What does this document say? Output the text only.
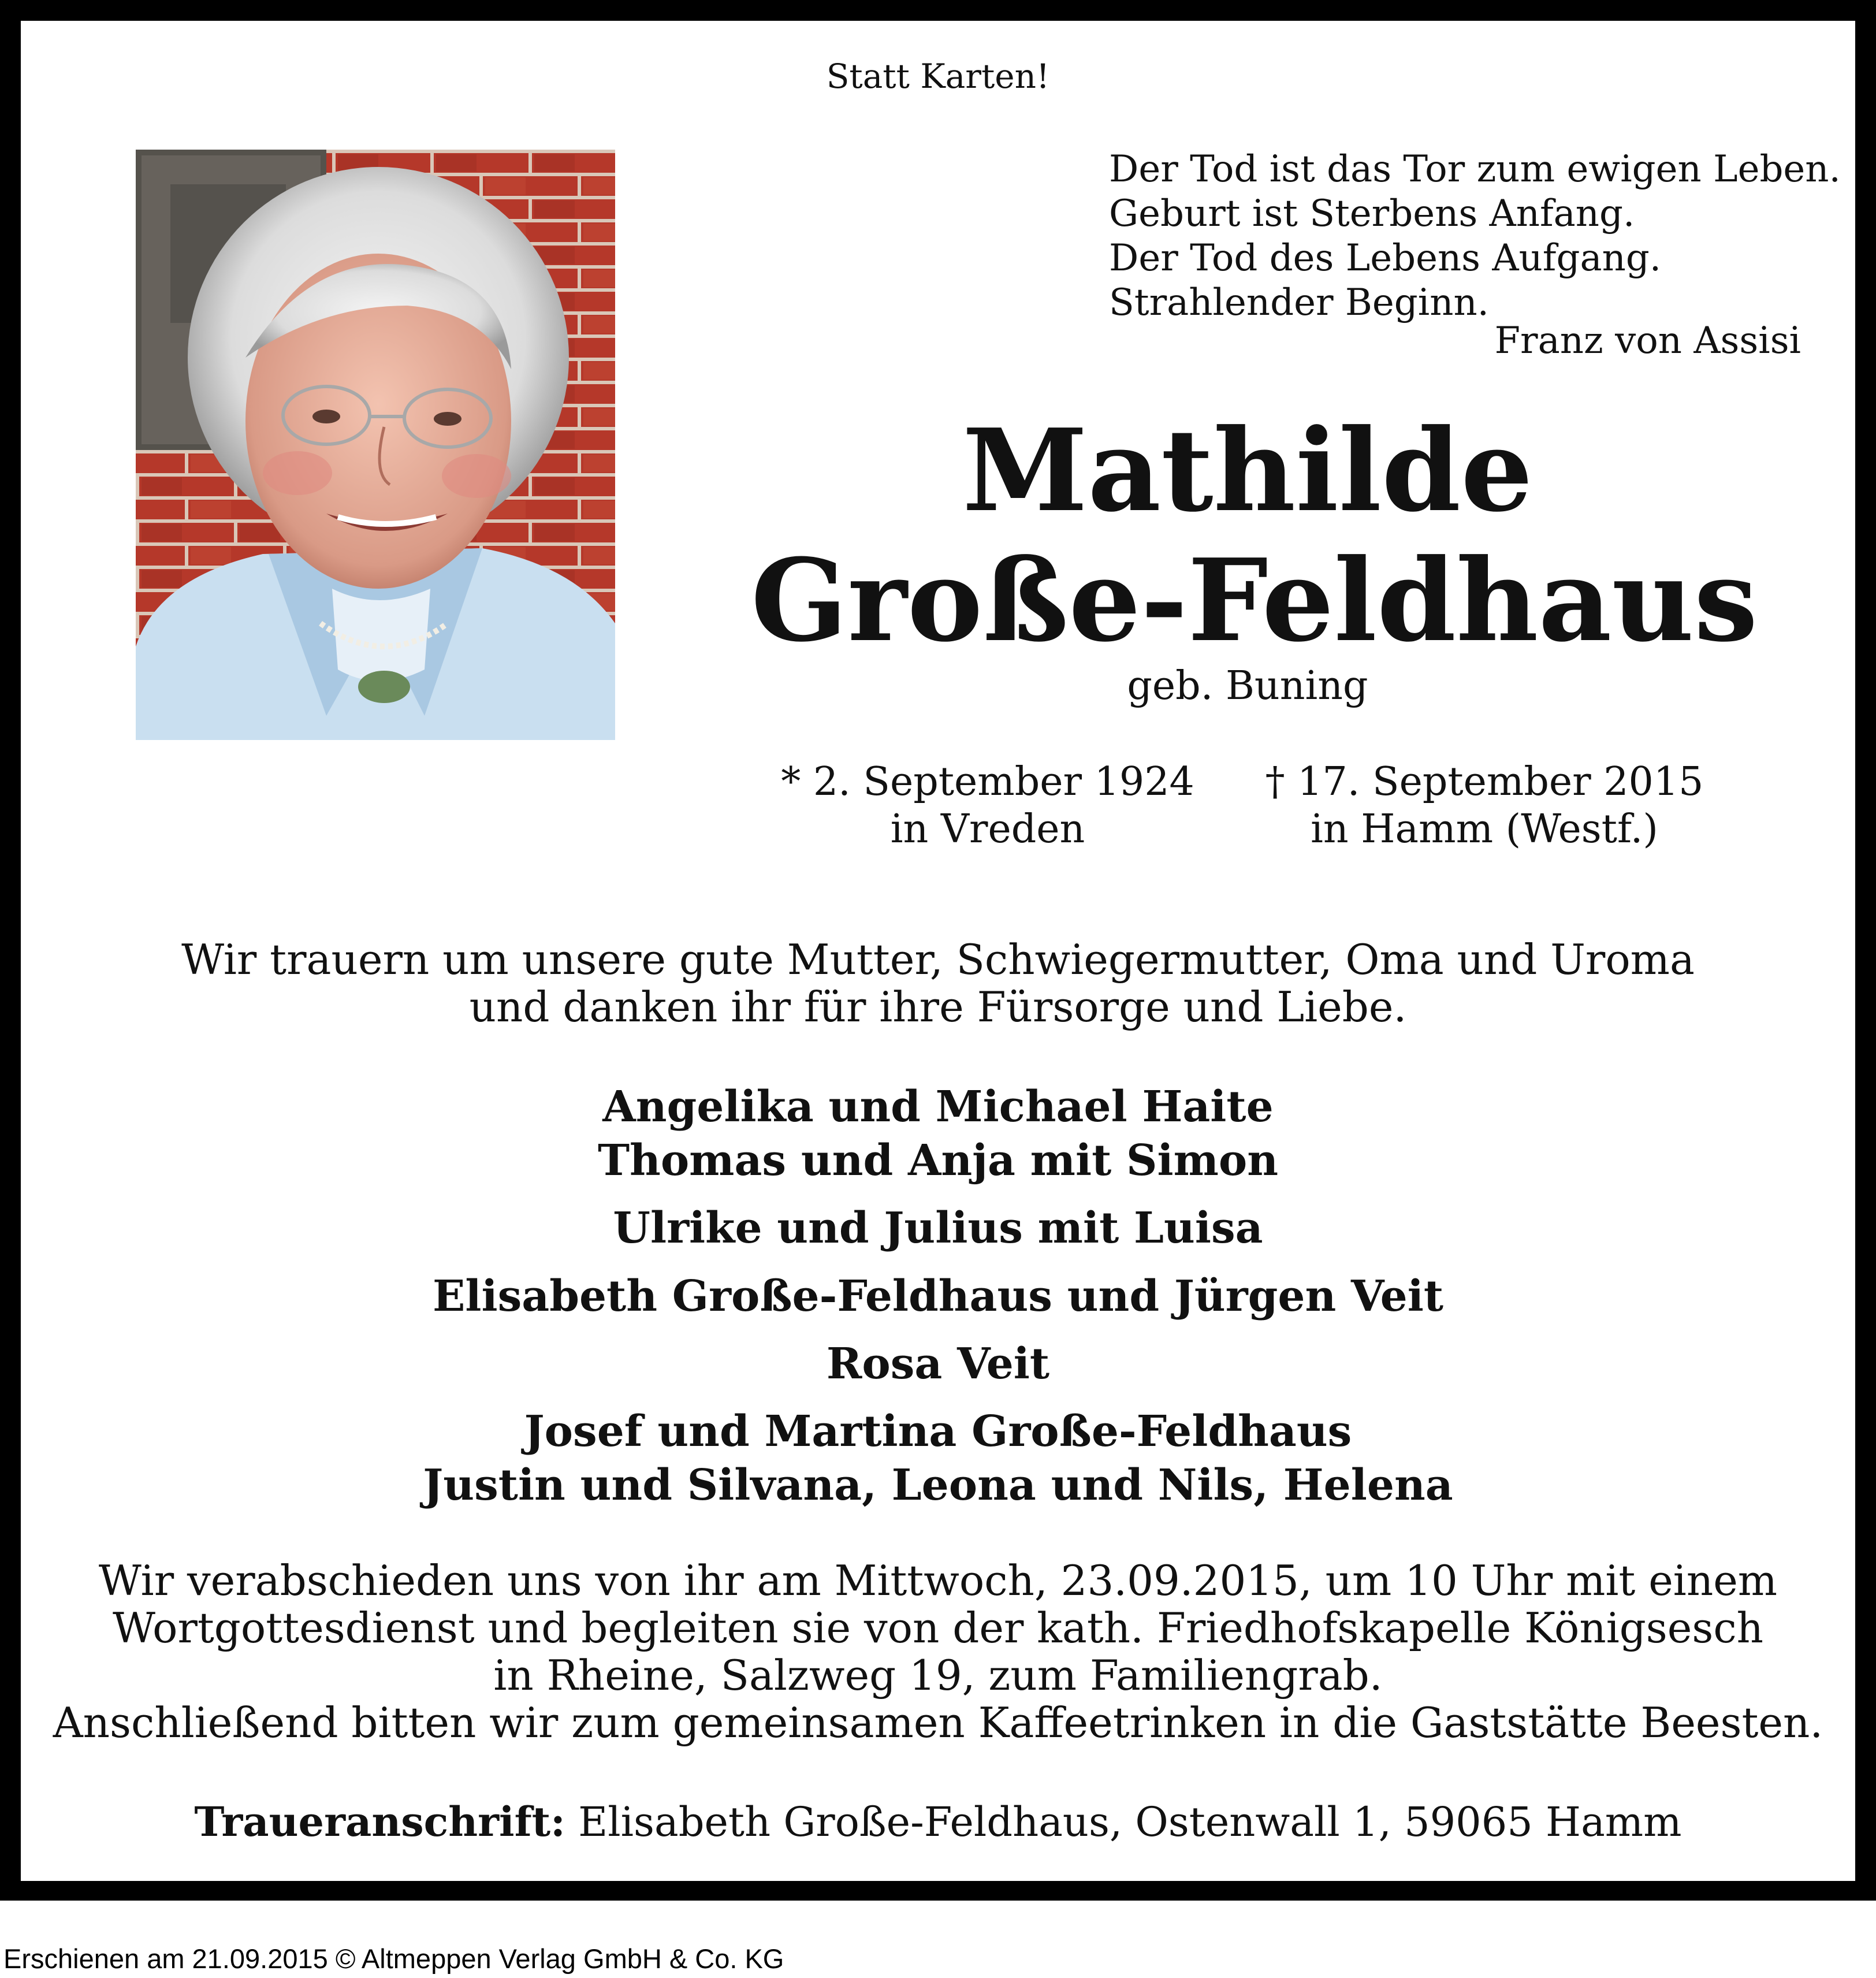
Statt Karten!
Der Tod ist das Tor zum ewigen Leben.
Geburt ist Sterbens Anfang.
Der Tod des Lebens Aufgang.
Strahlender Beginn.
Franz von Assisi
Mathilde
Große-Feldhaus
geb. Buning
* 2. September 1924
in Vreden
† 17. September 2015
in Hamm (Westf.)
Wir trauern um unsere gute Mutter, Schwiegermutter, Oma und Uroma
und danken ihr für ihre Fürsorge und Liebe.
Angelika und Michael Haite
Thomas und Anja mit Simon
Ulrike und Julius mit Luisa
Elisabeth Große-Feldhaus und Jürgen Veit
Rosa Veit
Josef und Martina Große-Feldhaus
Justin und Silvana, Leona und Nils, Helena
Wir verabschieden uns von ihr am Mittwoch, 23.09.2015, um 10 Uhr mit einem
Wortgottesdienst und begleiten sie von der kath. Friedhofskapelle Königsesch
in Rheine, Salzweg 19, zum Familiengrab.
Anschließend bitten wir zum gemeinsamen Kaffeetrinken in die Gaststätte Beesten.
Traueranschrift: Elisabeth Große-Feldhaus, Ostenwall 1, 59065 Hamm
Erschienen am 21.09.2015 © Altmeppen Verlag GmbH & Co. KG
